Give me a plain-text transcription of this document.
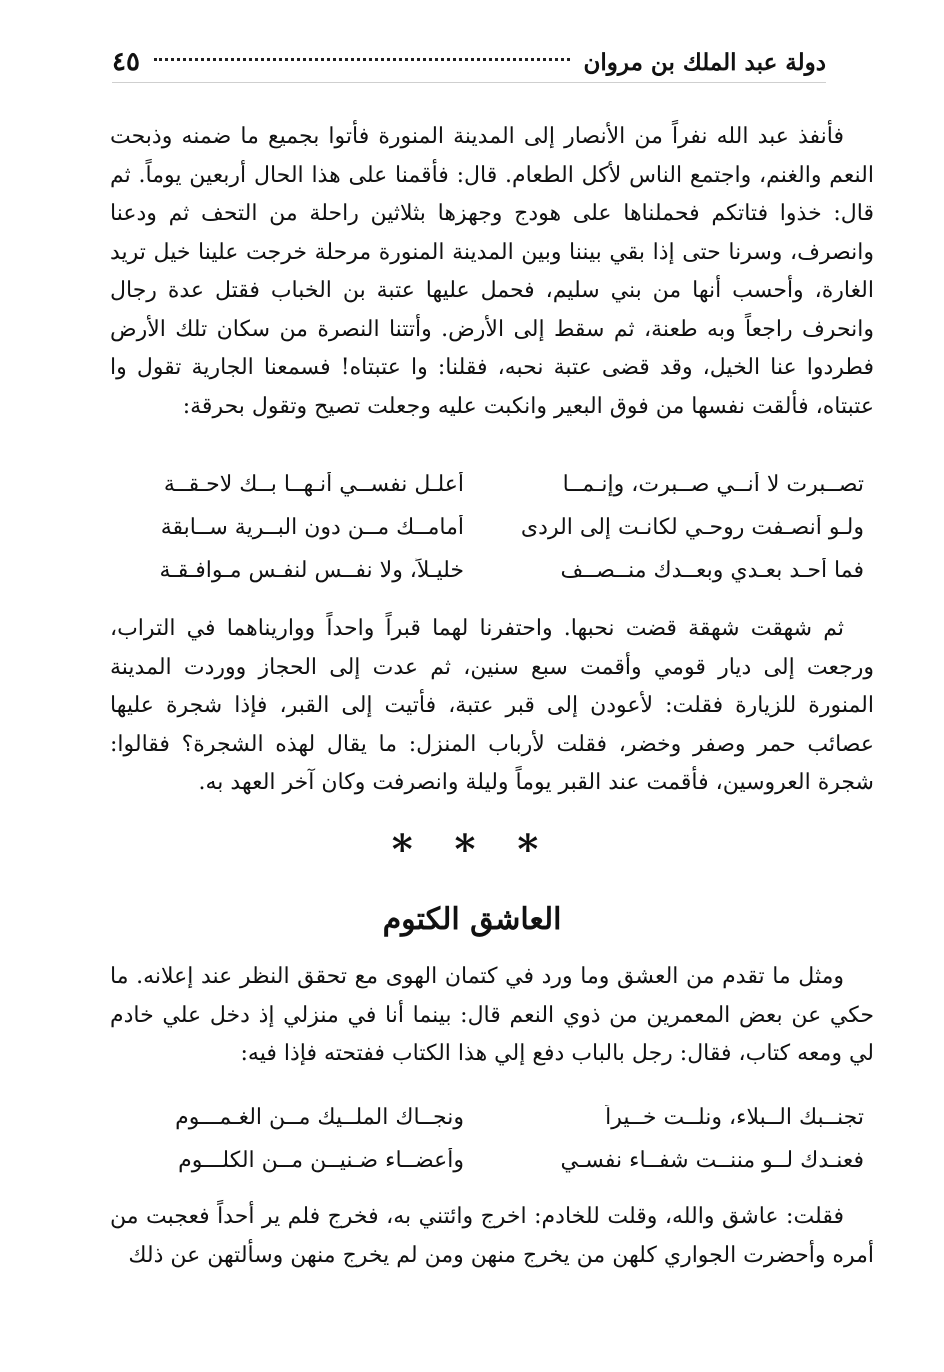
دولة عبد الملك بن مروان
٤٥

فأنفذ عبد الله نفراً من الأنصار إلى المدينة المنورة فأتوا بجميع ما ضمنه وذبحت النعم والغنم، واجتمع الناس لأكل الطعام. قال: فأقمنا على هذا الحال أربعين يوماً. ثم قال: خذوا فتاتكم فحملناها على هودج وجهزها بثلاثين راحلة من التحف ثم ودعنا وانصرف، وسرنا حتى إذا بقي بيننا وبين المدينة المنورة مرحلة خرجت علينا خيل تريد الغارة، وأحسب أنها من بني سليم، فحمل عليها عتبة بن الخباب فقتل عدة رجال وانحرف راجعاً وبه طعنة، ثم سقط إلى الأرض. وأتتنا النصرة من سكان تلك الأرض فطردوا عنا الخيل، وقد قضى عتبة نحبه، فقلنا: وا عتبتاه! فسمعنا الجارية تقول وا عتبتاه، فألقت نفسها من فوق البعير وانكبت عليه وجعلت تصيح وتقول بحرقة:

تصــبرت لا أنــي صــبرت، وإنـمــا
أعلـل نفســي أنـهــا بــك لاحـقــة
ولـو أنصـفت روحـي لكانـت إلى الردى
أمامــك مــن دون البــرية ســابقة
فما أحـد بعـدي وبعــدك منــصــف
خليـلاً، ولا نفــس لنفـس مـوافـقـة

ثم شهقت شهقة قضت نحبها. واحتفرنا لهما قبراً واحداً وواريناهما في التراب، ورجعت إلى ديار قومي وأقمت سبع سنين، ثم عدت إلى الحجاز ووردت المدينة المنورة للزيارة فقلت: لأعودن إلى قبر عتبة، فأتيت إلى القبر، فإذا شجرة عليها عصائب حمر وصفر وخضر، فقلت لأرباب المنزل: ما يقال لهذه الشجرة؟ فقالوا: شجرة العروسين، فأقمت عند القبر يوماً وليلة وانصرفت وكان آخر العهد به.

* * *
العاشق الكتوم

ومثل ما تقدم من العشق وما ورد في كتمان الهوى مع تحقق النظر عند إعلانه. ما حكي عن بعض المعمرين من ذوي النعم قال: بينما أنا في منزلي إذ دخل علي خادم لي ومعه كتاب، فقال: رجل بالباب دفع إلي هذا الكتاب ففتحته فإذا فيه:

تجنــبك الــبلاء، ونلــت خــيراً
ونجــاك الملــيك مــن الغـمـــوم
فعنـدك لــو مننــت شفــاء نفسـي
وأعضــاء ضـنيــن مــن الكلـــوم

فقلت: عاشق والله، وقلت للخادم: اخرج وائتني به، فخرج فلم ير أحداً فعجبت من أمره وأحضرت الجواري كلهن من يخرج منهن ومن لم يخرج منهن وسألتهن عن ذلك
